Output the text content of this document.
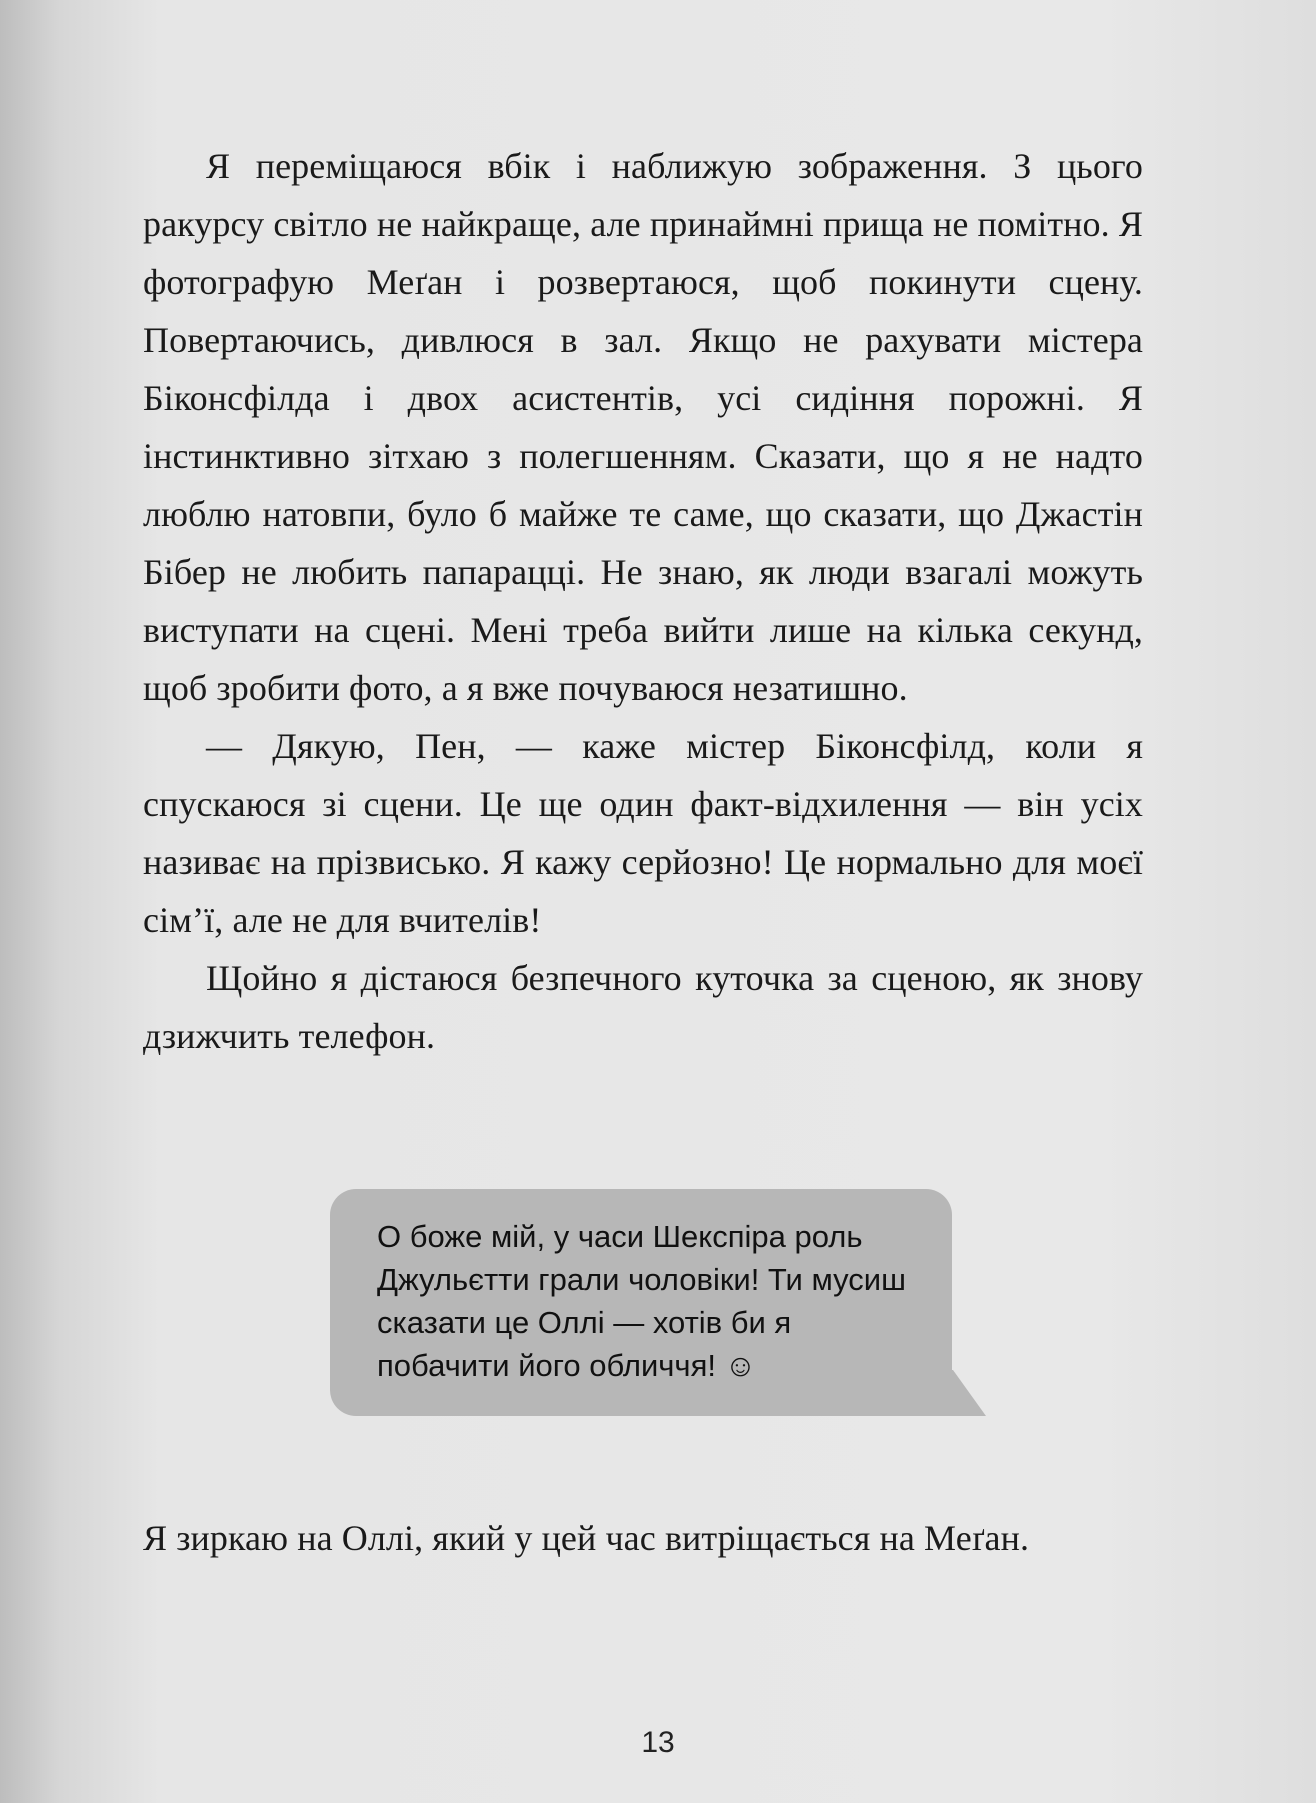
Я переміщаюся вбік і наближую зображення. З цього ракурсу світло не найкраще, але принаймні прища не помітно. Я фотографую Меґан і розвертаюся, щоб покинути сцену. Повертаючись, дивлюся в зал. Якщо не рахувати містера Біконсфілда і двох асистентів, усі сидіння порожні. Я інстинктивно зітхаю з полегшенням. Сказати, що я не надто люблю натовпи, було б майже те саме, що сказати, що Джастін Бібер не любить папарацці. Не знаю, як люди взагалі можуть виступати на сцені. Мені треба вийти лише на кілька секунд, щоб зробити фото, а я вже почуваюся незатишно.

— Дякую, Пен, — каже містер Біконсфілд, коли я спускаюся зі сцени. Це ще один факт-відхилення — він усіх називає на прізвисько. Я кажу серйозно! Це нормально для моєї сім’ї, але не для вчителів!

Щойно я дістаюся безпечного куточка за сценою, як знову дзижчить телефон.

О боже мій, у часи Шекспіра роль Джульєтти грали чоловіки! Ти мусиш сказати це Оллі — хотів би я побачити його обличчя! ☺

Я зиркаю на Оллі, який у цей час витріщається на Меґан.

13
